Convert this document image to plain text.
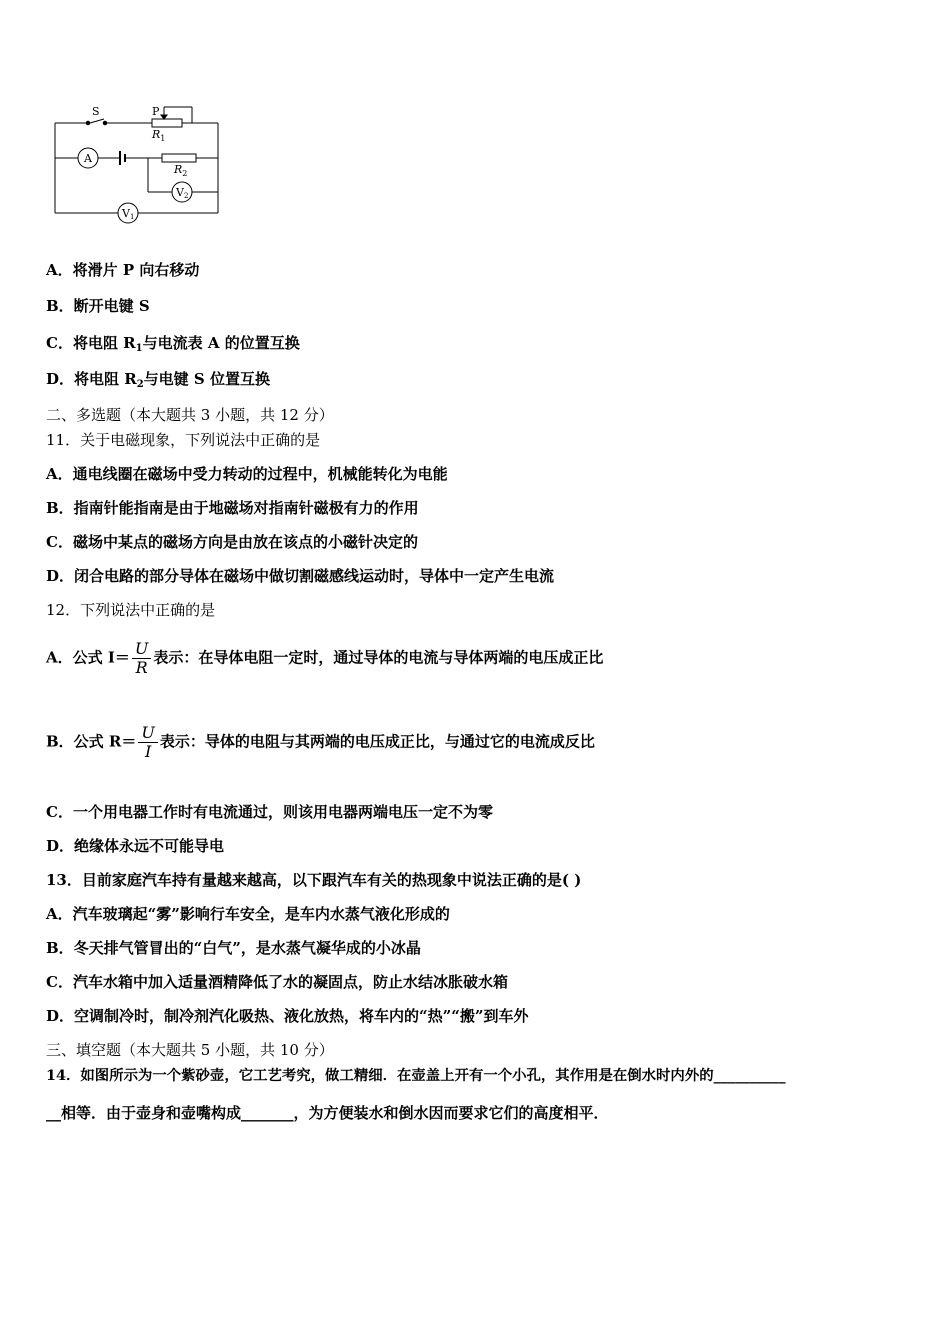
S	P
$R_1$
$R_2$
A
V2
V1
A．将滑片 P 向右移动
B．断开电键 S
C．将电阻 $R_1$与电流表 A 的位置互换
D．将电阻 $R_2$与电键 S 位置互换
二、多选题（本大题共 3 小题，共 12 分）
11．关于电磁现象，下列说法中正确的是
A．通电线圈在磁场中受力转动的过程中，机械能转化为电能
B．指南针能指南是由于地磁场对指南针磁极有力的作用
C．磁场中某点的磁场方向是由放在该点的小磁针决定的
D．闭合电路的部分导体在磁场中做切割磁感线运动时，导体中一定产生电流
12．下列说法中正确的是
A．公式 $I= \frac{U}{R}$ 表示：在导体电阻一定时，通过导体的电流与导体两端的电压成正比
B．公式 $R= \frac{U}{I}$ 表示：导体的电阻与其两端的电压成正比，与通过它的电流成反比
C．一个用电器工作时有电流通过，则该用电器两端电压一定不为零
D．绝缘体永远不可能导电
13．目前家庭汽车持有量越来越高，以下跟汽车有关的热现象中说法正确的是( )
A．汽车玻璃起“雾”影响行车安全，是车内水蒸气液化形成的
B．冬天排气管冒出的“白气”，是水蒸气凝华成的小冰晶
C．汽车水箱中加入适量酒精降低了水的凝固点，防止水结冰胀破水箱
D．空调制冷时，制冷剂汽化吸热、液化放热，将车内的“热”“搬”到车外
三、填空题（本大题共 5 小题，共 10 分）
14．如图所示为一个紫砂壶，它工艺考究，做工精细．在壶盖上开有一个小孔，其作用是在倒水时内外的__________
__相等．由于壶身和壶嘴构成_______，为方便装水和倒水因而要求它们的高度相平．
